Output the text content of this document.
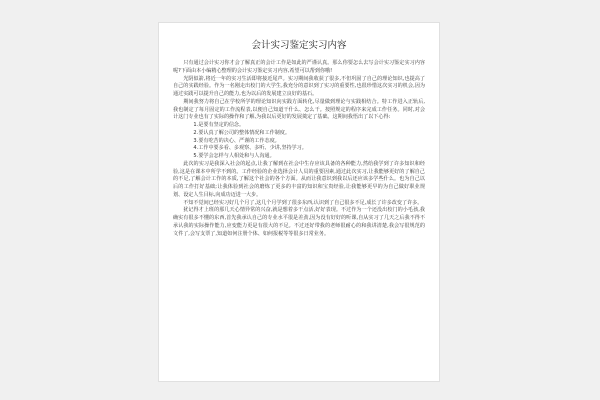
会计实习鉴定实习内容

只有通过会计实习你才会了解真正的会计工作是如此的严谨认真。那么你要怎么去写会计实习鉴定实习内容呢?下面由本小编精心整理的会计实习鉴定实习内容,希望可以帮到你哦!

光阴似箭,将近一年的实习生活即将接近尾声。实习期间我收获了很多,不但巩固了自己的理论知识,也提高了自己的实践经验。作为一名刚走出校门的大学生,我充分的意识到了实习的重要性,也很珍惜这次实习的机会,因为通过实践可以提升自己的能力,也为以后的发展建立良好的基石。

期间我努力将自己在学校所学的理论知识向实践方面转化,尽量做到理论与实践相结合。特工作进入正轨后,我也制定了每月固定的工作流程表,以便自己知道干什么、怎么干。按照规定的程序来完成工作任务。同时,对会计这门专业也有了实际的操作和了解,为我以后更好的发展奠定了基础。这期间我悟出了以下心得:

1.是要有坚定的信念。

2.要认真了解公司的整体情况和工作制度。

3.要有吃苦的决心、严谨的工作态度。

4.工作中要多看、多观察、多听、少讲,坚持学习。

5.要学会怎样与人相处和与人沟通。

此次的实习是我深入社会的起点,让我了解到在社会中生存应该具备的各种能力,然给我学到了许多知识和经验,这是在课本中所学不到的。工作经验的企业选择会计人员的重要因素,通过此次实习,让我能够更好的了解自己的不足,了解会计工作的本质,了解这个社会的各个方面。从而让我意识到我以后还应该多学些什么。也为自己以后的工作打好基础;让我体验到社会的磨炼了更多的丰富的知识和宝贵经验,让我能够更早的为自己做好职业规划、设定人生目标,向成功迈进一大步。

不知不觉间已经实习好几个月了,这几个月学到了很多东西,认识到了自己很多不足,成长了许多改变了许多。

犹记得才上班的那几天心情异常的兴奋,就是想着多干点活,好好表现。不过作为一个还没出校门的小毛孩,我确实有很多不懂的东西,首先我承认自己的专业水平很是差劲,因为没有好好的听课,自从实习了几天之后我不得不承认我的实际操作能力,应变能力更是有很大的不足。不过还好带我的老师很耐心的和我讲清楚,我会写很规范的文件了,会写支票了,知道如何注册个体、如何报税等等很多日常业务。
